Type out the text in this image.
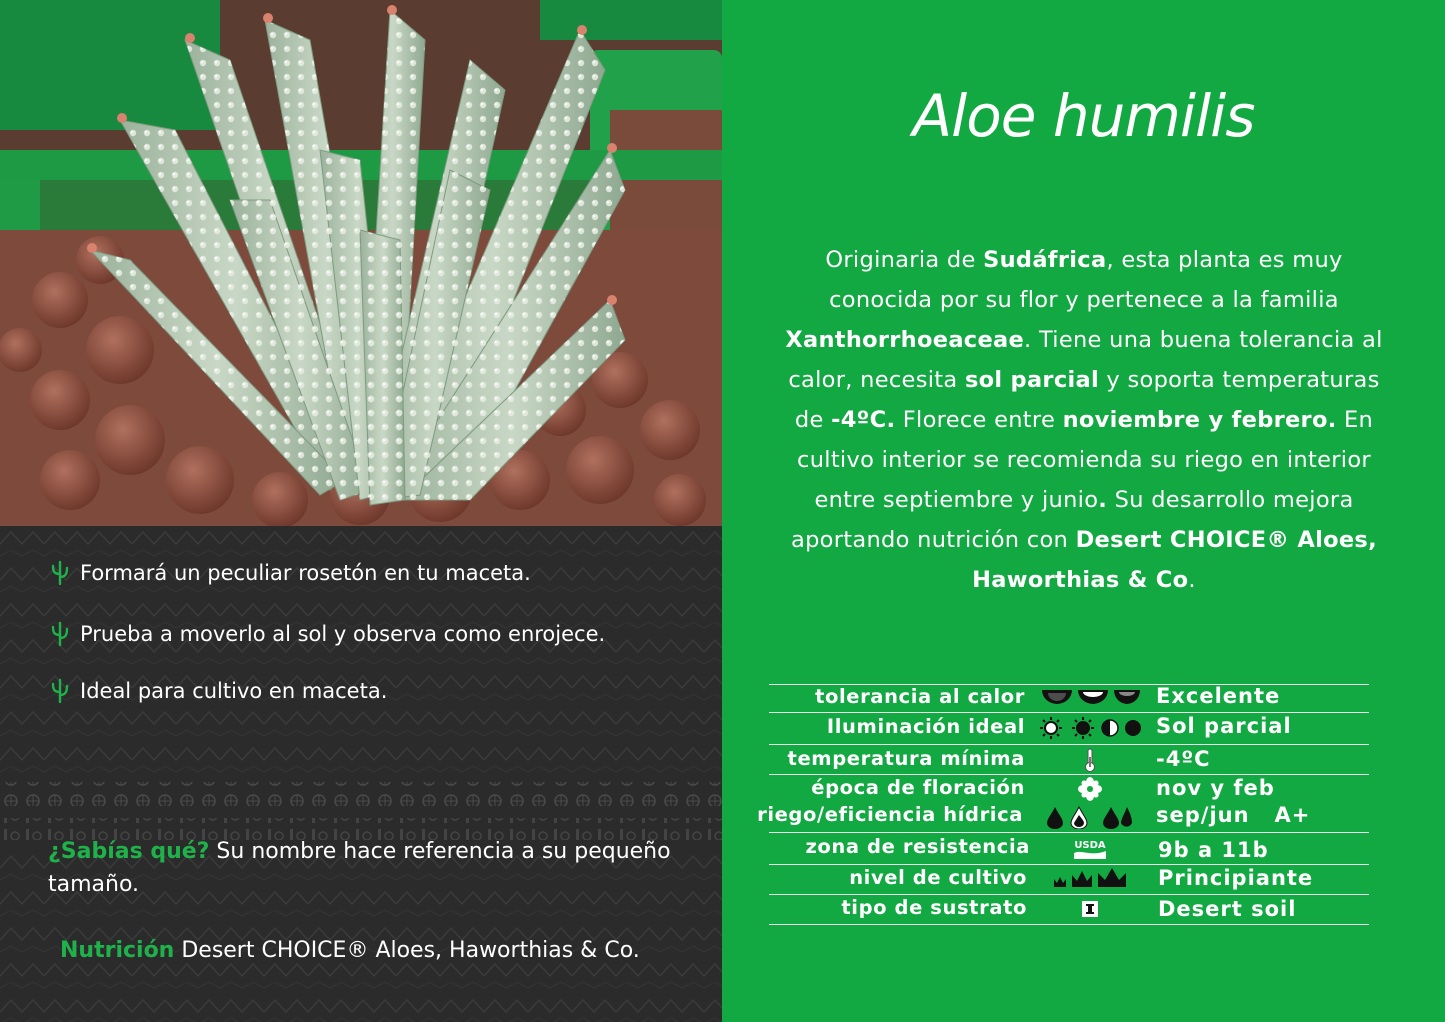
Formará un peculiar rosetón en tu maceta.
Prueba a moverlo al sol y observa como enrojece.
Ideal para cultivo en maceta.
¿Sabías qué? Su nombre hace referencia a su pequeño tamaño.
Nutrición Desert CHOICE® Aloes, Haworthias & Co.
Aloe humilis
Originaria de Sudáfrica, esta planta es muy conocida por su flor y pertenece a la familia Xanthorrhoeaceae. Tiene una buena tolerancia al calor, necesita sol parcial y soporta temperaturas de -4ºC. Florece entre noviembre y febrero. En cultivo interior se recomienda su riego en interior entre septiembre y junio. Su desarrollo mejora aportando nutrición con Desert CHOICE® Aloes, Haworthias & Co.
tolerancia al calor	Excelente
Iluminación ideal	Sol parcial
temperatura mínima	-4ºC
época de floración	nov y feb
riego/eficiencia hídrica	sep/jun   A+
zona de resistencia	USDA 9b a 11b
nivel de cultivo	Principiante
tipo de sustrato	Desert soil
